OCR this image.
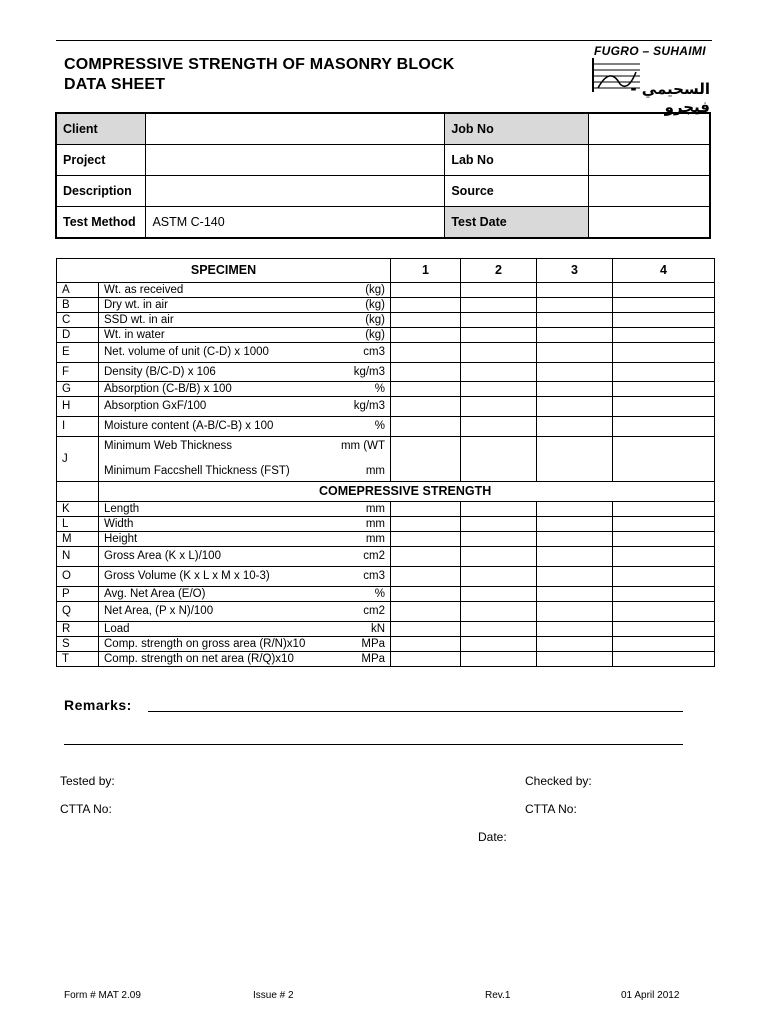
COMPRESSIVE STRENGTH OF MASONRY BLOCK
DATA SHEET
FUGRO – SUHAIMI
السحيمي - فيجرو
Client		Job No	
Project		Lab No	
Description		Source	
Test Method	ASTM C-140	Test Date	
SPECIMEN		1	2	3	4
A	Wt. as received (kg)				

B	Dry wt. in air (kg)				

C	SSD wt. in air (kg)				

D	Wt. in water (kg)				

E	Net. volume of unit (C-D) x 1000 cm3				

F	Density (B/C-D) x 106 kg/m3				

G	Absorption (C-B/B) x 100 %				

H	Absorption GxF/100 kg/m3				

I	Moisture content (A-B/C-B) x 100 %				

J	Minimum Web Thickness mm (WT
Minimum Faccshell Thickness (FST) mm				

	COMEPRESSIVE STRENGTH				
K	Length mm				

L	Width mm				

M	Height mm				

N	Gross Area (K x L)/100 cm2				

O	Gross Volume (K x L x M x 10-3) cm3				

P	Avg. Net Area (E/O) %				

Q	Net Area, (P x N)/100 cm2				

R	Load kN				

S	Comp. strength on gross area (R/N)x10 MPa				

T	Comp. strength on net area (R/Q)x10 MPa				

Remarks:
Tested by:
CTTA No:
Checked by:
CTTA No:
Date:
Form # MAT 2.09	Issue # 2	Rev.1	01 April 2012
